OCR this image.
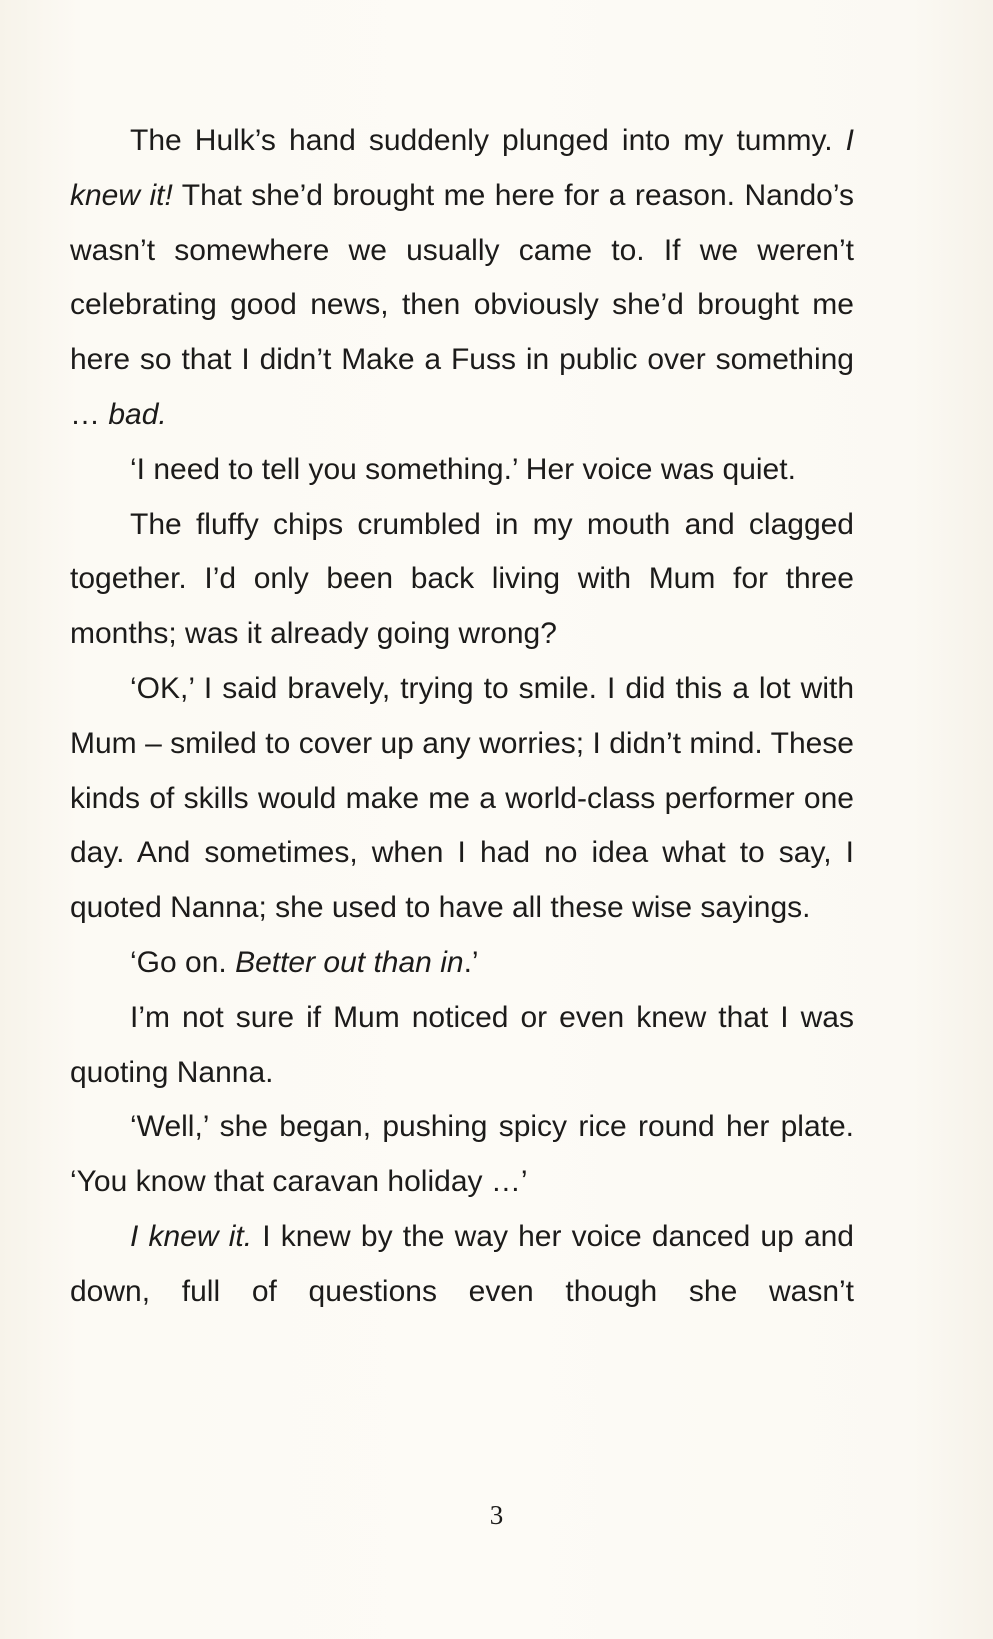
The Hulk’s hand suddenly plunged into my tummy. I knew it! That she’d brought me here for a reason. Nando’s wasn’t somewhere we usually came to. If we weren’t celebrating good news, then obviously she’d brought me here so that I didn’t Make a Fuss in public over something … bad.

‘I need to tell you something.’ Her voice was quiet.

The fluffy chips crumbled in my mouth and clagged together. I’d only been back living with Mum for three months; was it already going wrong?

‘OK,’ I said bravely, trying to smile. I did this a lot with Mum – smiled to cover up any worries; I didn’t mind. These kinds of skills would make me a world-class performer one day. And sometimes, when I had no idea what to say, I quoted Nanna; she used to have all these wise sayings.

‘Go on. Better out than in.’

I’m not sure if Mum noticed or even knew that I was quoting Nanna.

‘Well,’ she began, pushing spicy rice round her plate. ‘You know that caravan holiday …’

I knew it. I knew by the way her voice danced up and down, full of questions even though she wasn’t

3
